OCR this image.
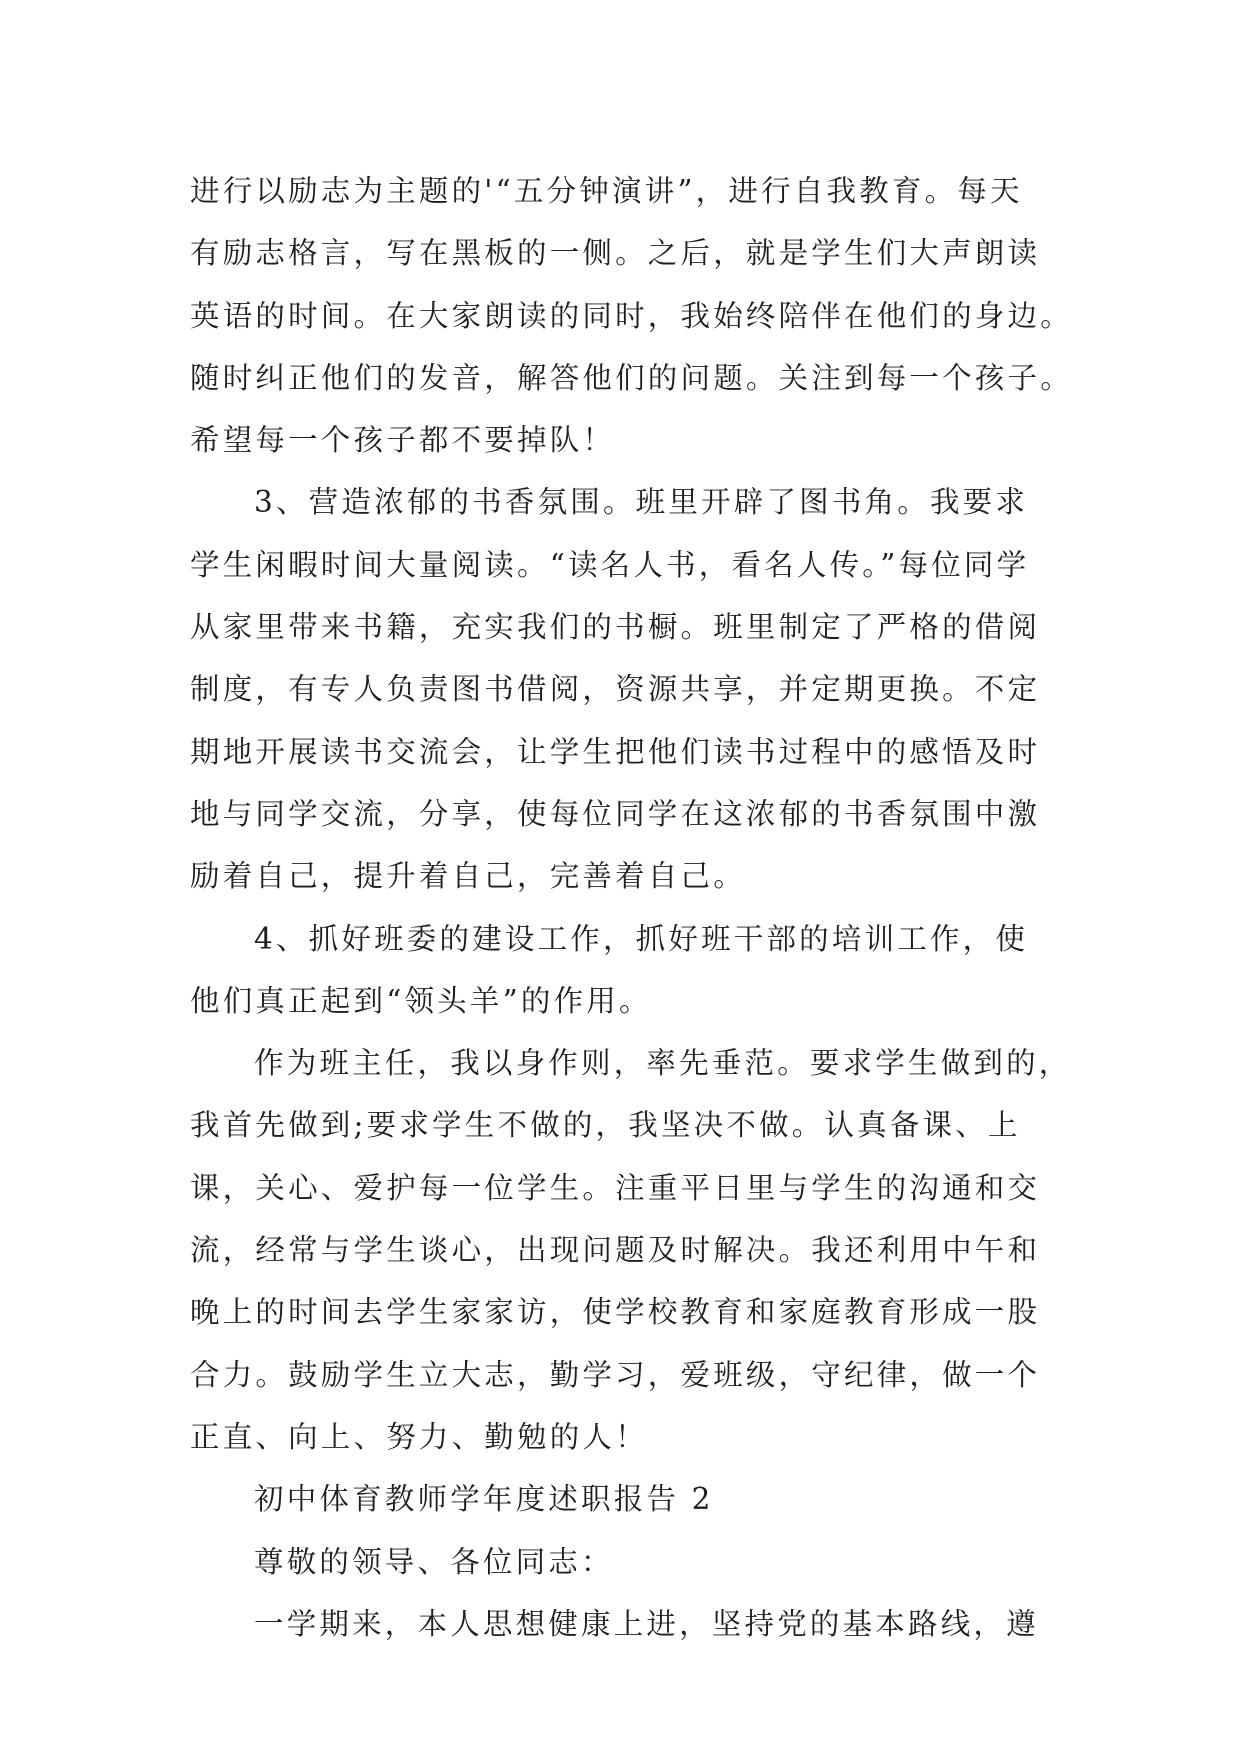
进行以励志为主题的'“五分钟演讲”，进行自我教育。每天
有励志格言，写在黑板的一侧。之后，就是学生们大声朗读
英语的时间。在大家朗读的同时，我始终陪伴在他们的身边。
随时纠正他们的发音，解答他们的问题。关注到每一个孩子。
希望每一个孩子都不要掉队！
3、营造浓郁的书香氛围。班里开辟了图书角。我要求
学生闲暇时间大量阅读。“读名人书，看名人传。”每位同学
从家里带来书籍，充实我们的书橱。班里制定了严格的借阅
制度，有专人负责图书借阅，资源共享，并定期更换。不定
期地开展读书交流会，让学生把他们读书过程中的感悟及时
地与同学交流，分享，使每位同学在这浓郁的书香氛围中激
励着自己，提升着自己，完善着自己。
4、抓好班委的建设工作，抓好班干部的培训工作，使
他们真正起到“领头羊”的作用。
作为班主任，我以身作则，率先垂范。要求学生做到的，
我首先做到;要求学生不做的，我坚决不做。认真备课、上
课，关心、爱护每一位学生。注重平日里与学生的沟通和交
流，经常与学生谈心，出现问题及时解决。我还利用中午和
晚上的时间去学生家家访，使学校教育和家庭教育形成一股
合力。鼓励学生立大志，勤学习，爱班级，守纪律，做一个
正直、向上、努力、勤勉的人！
初中体育教师学年度述职报告 2
尊敬的领导、各位同志：
一学期来，本人思想健康上进，坚持党的基本路线，遵
